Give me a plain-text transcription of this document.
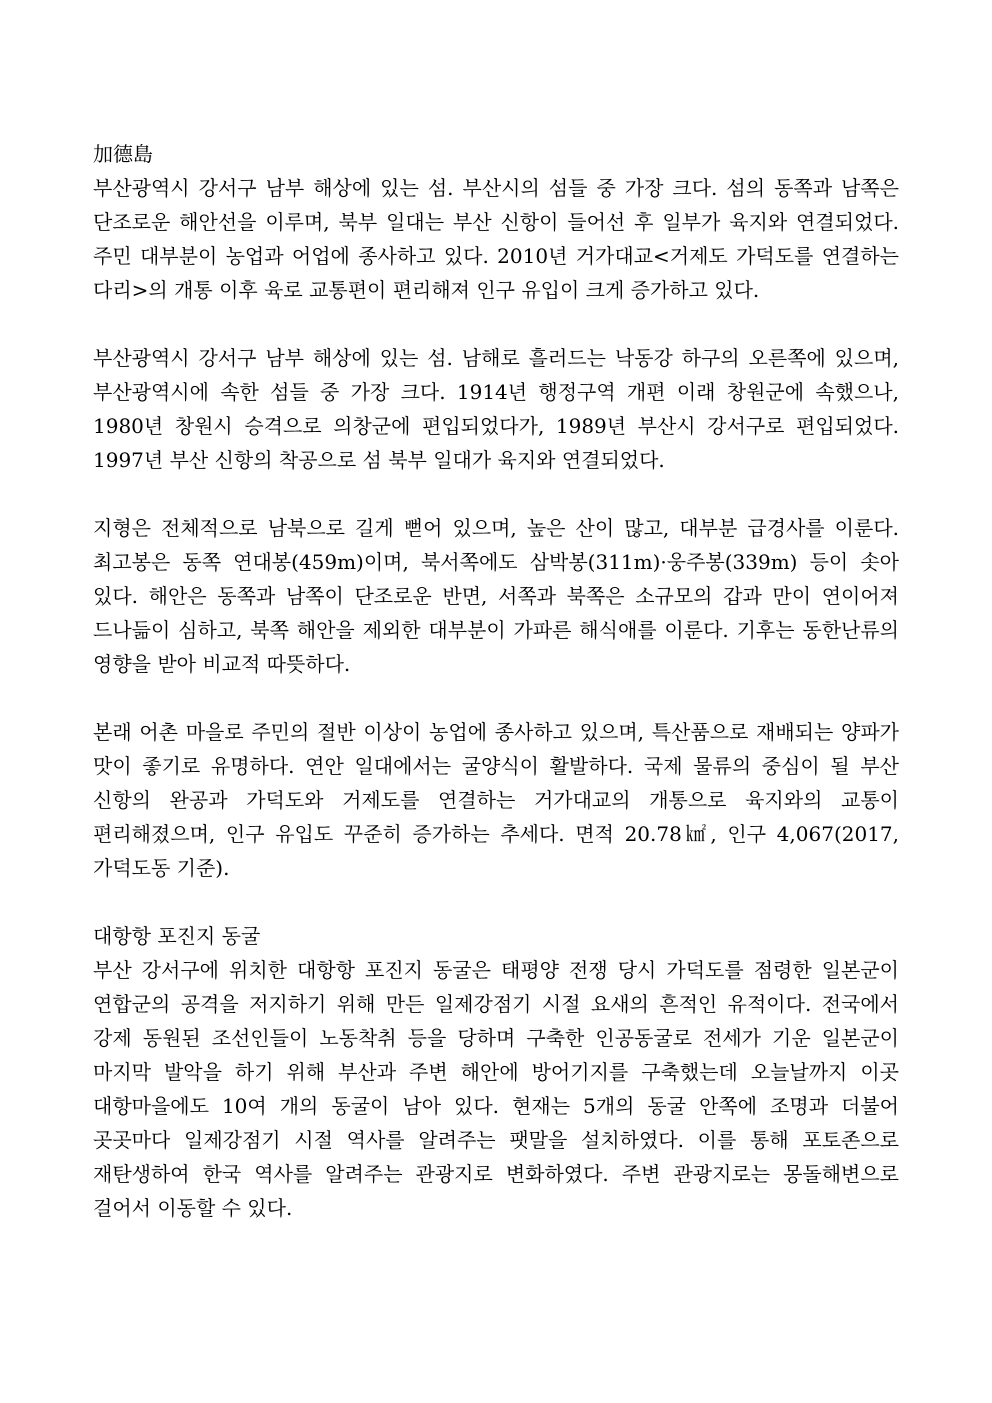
加德島

부산광역시 강서구 남부 해상에 있는 섬. 부산시의 섬들 중 가장 크다. 섬의 동쪽과 남쪽은 단조로운 해안선을 이루며, 북부 일대는 부산 신항이 들어선 후 일부가 육지와 연결되었다. 주민 대부분이 농업과 어업에 종사하고 있다. 2010년 거가대교<거제도 가덕도를 연결하는 다리>의 개통 이후 육로 교통편이 편리해져 인구 유입이 크게 증가하고 있다.

부산광역시 강서구 남부 해상에 있는 섬. 남해로 흘러드는 낙동강 하구의 오른쪽에 있으며, 부산광역시에 속한 섬들 중 가장 크다. 1914년 행정구역 개편 이래 창원군에 속했으나, 1980년 창원시 승격으로 의창군에 편입되었다가, 1989년 부산시 강서구로 편입되었다. 1997년 부산 신항의 착공으로 섬 북부 일대가 육지와 연결되었다.

지형은 전체적으로 남북으로 길게 뻗어 있으며, 높은 산이 많고, 대부분 급경사를 이룬다. 최고봉은 동쪽 연대봉(459m)이며, 북서쪽에도 삼박봉(311m)·웅주봉(339m) 등이 솟아 있다. 해안은 동쪽과 남쪽이 단조로운 반면, 서쪽과 북쪽은 소규모의 갑과 만이 연이어져 드나듦이 심하고, 북쪽 해안을 제외한 대부분이 가파른 해식애를 이룬다. 기후는 동한난류의 영향을 받아 비교적 따뜻하다.

본래 어촌 마을로 주민의 절반 이상이 농업에 종사하고 있으며, 특산품으로 재배되는 양파가 맛이 좋기로 유명하다. 연안 일대에서는 굴양식이 활발하다. 국제 물류의 중심이 될 부산 신항의 완공과 가덕도와 거제도를 연결하는 거가대교의 개통으로 육지와의 교통이 편리해졌으며, 인구 유입도 꾸준히 증가하는 추세다. 면적 20.78㎢, 인구 4,067(2017, 가덕도동 기준).

대항항 포진지 동굴

부산 강서구에 위치한 대항항 포진지 동굴은 태평양 전쟁 당시 가덕도를 점령한 일본군이 연합군의 공격을 저지하기 위해 만든 일제강점기 시절 요새의 흔적인 유적이다. 전국에서 강제 동원된 조선인들이 노동착취 등을 당하며 구축한 인공동굴로 전세가 기운 일본군이 마지막 발악을 하기 위해 부산과 주변 해안에 방어기지를 구축했는데 오늘날까지 이곳 대항마을에도 10여 개의 동굴이 남아 있다. 현재는 5개의 동굴 안쪽에 조명과 더불어 곳곳마다 일제강점기 시절 역사를 알려주는 팻말을 설치하였다. 이를 통해 포토존으로 재탄생하여 한국 역사를 알려주는 관광지로 변화하였다. 주변 관광지로는 몽돌해변으로 걸어서 이동할 수 있다.
